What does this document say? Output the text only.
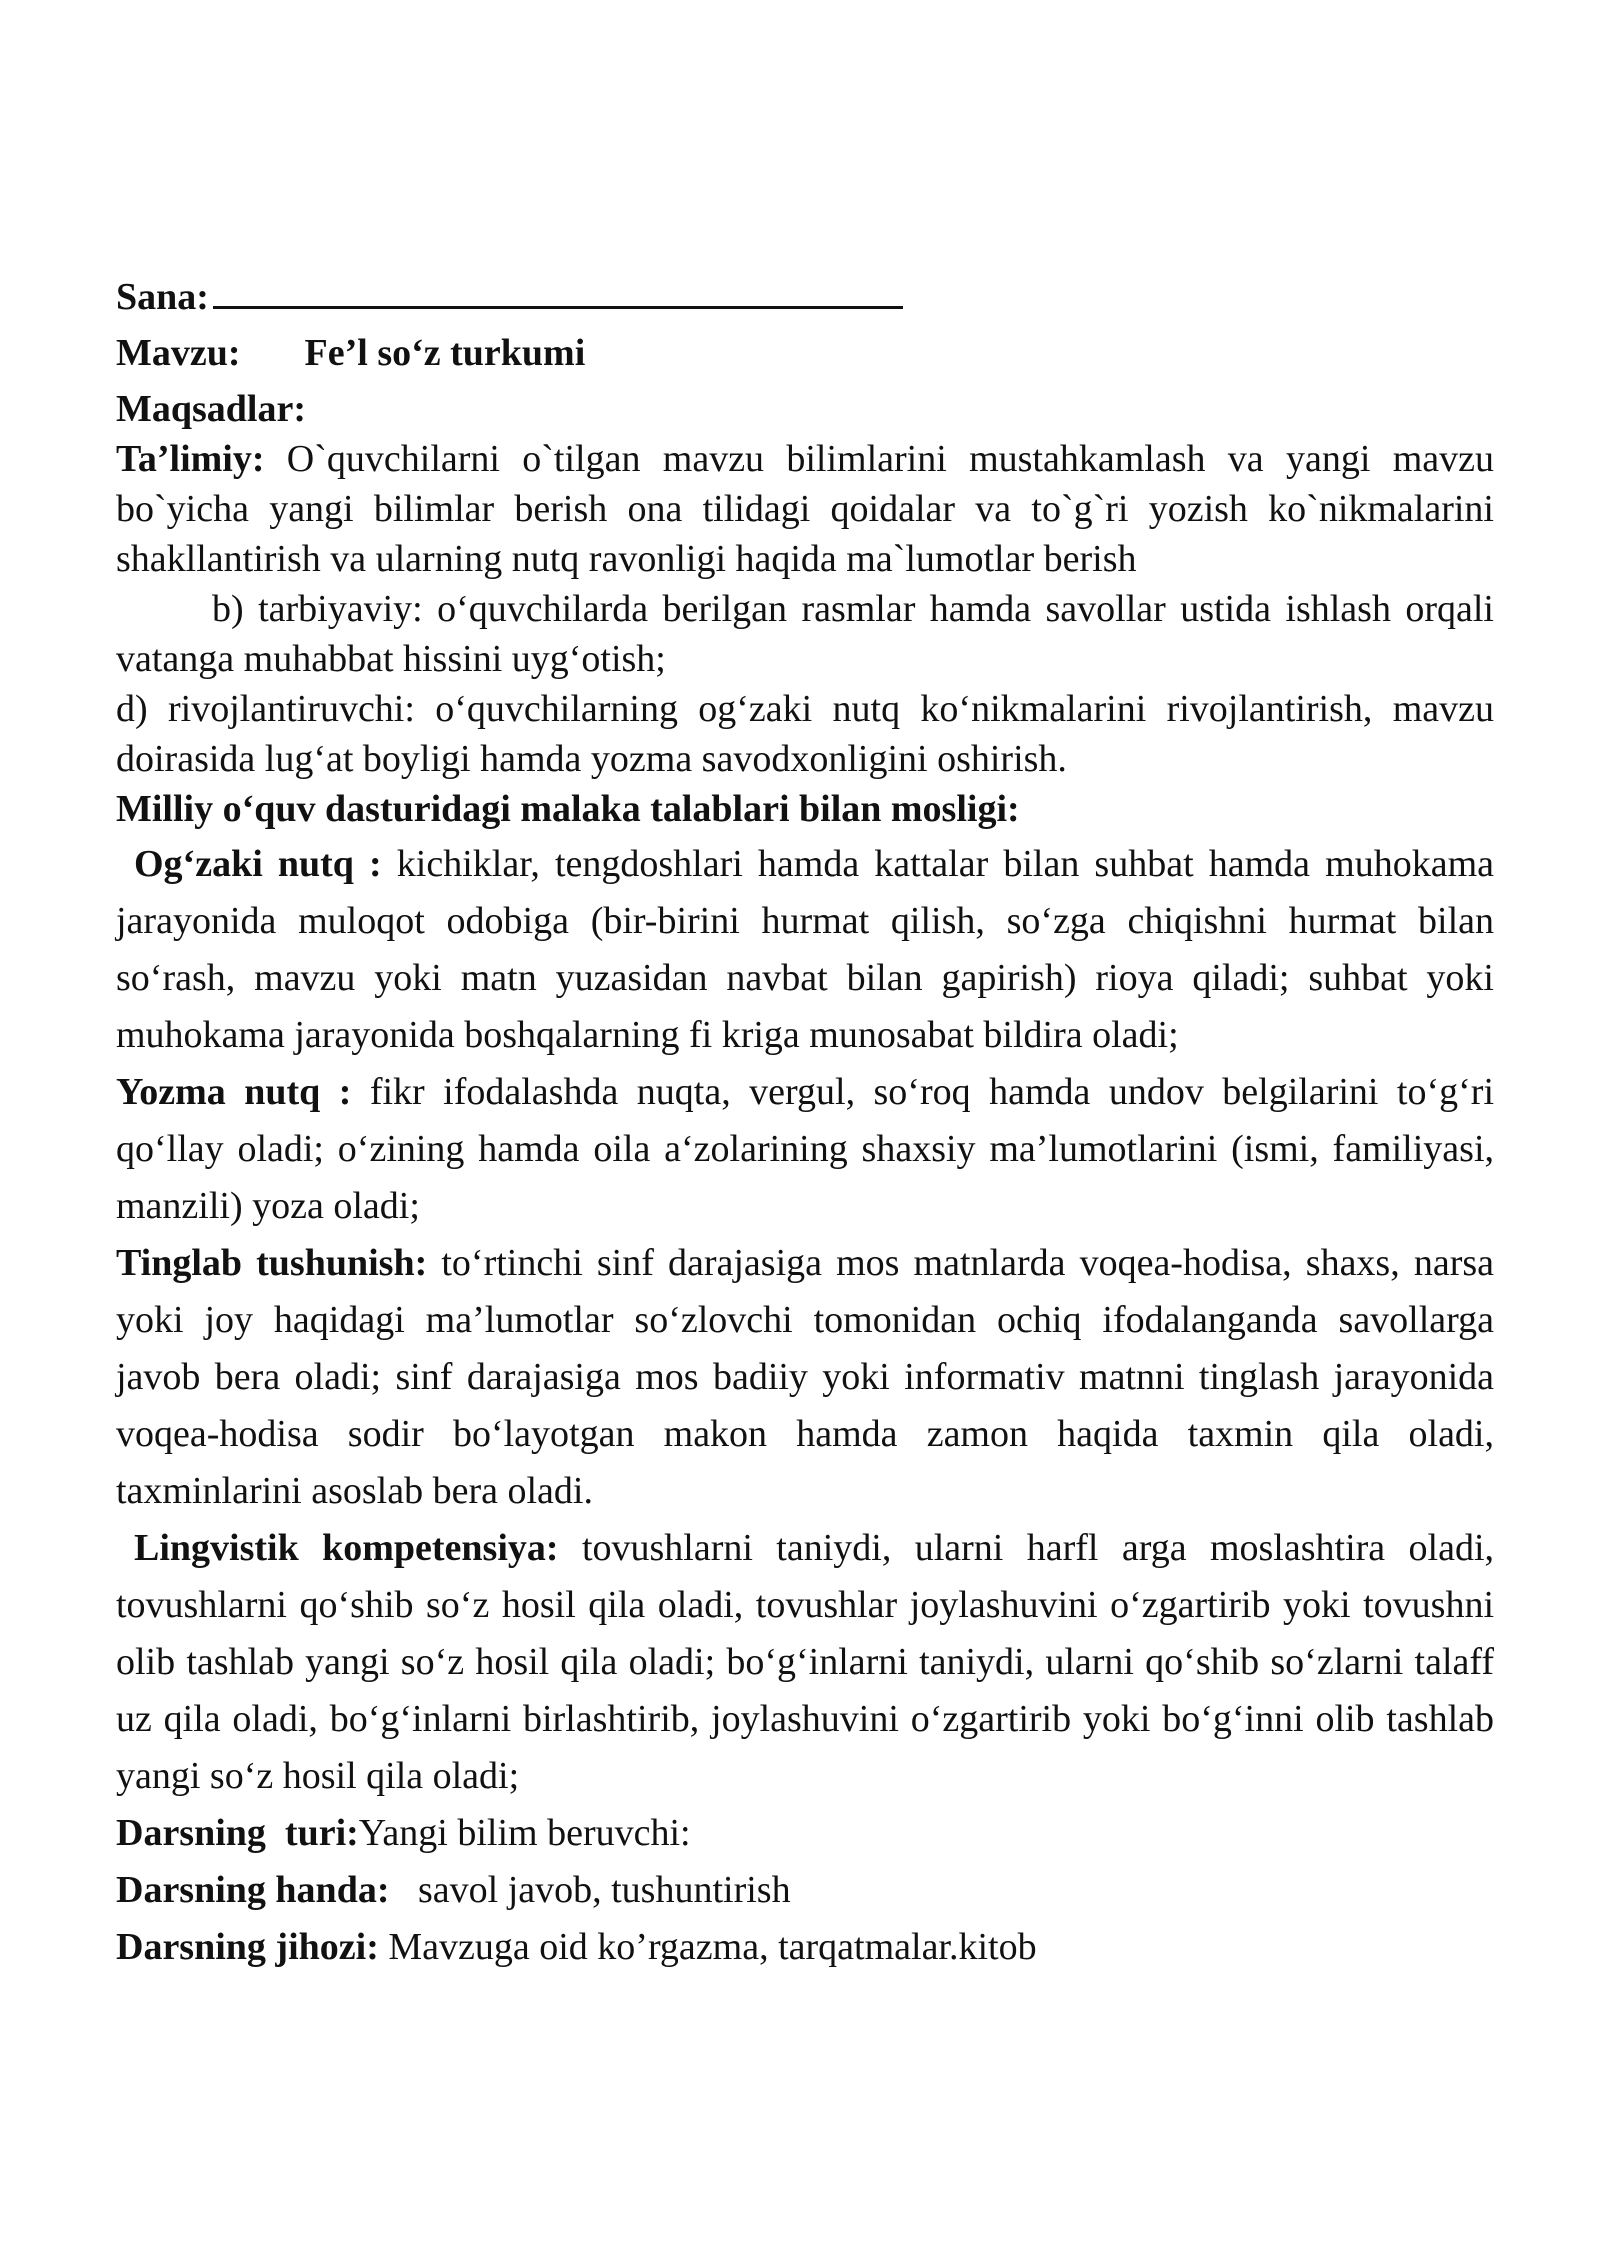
Sana:

Mavzu: Fe’l so‘z turkumi

Maqsadlar:

Ta’limiy: O`quvchilarni o`tilgan mavzu bilimlarini mustahkamlash va yangi mavzu bo`yicha yangi bilimlar berish ona tilidagi qoidalar va to`g`ri yozish ko`nikmalarini shakllantirish va ularning nutq ravonligi haqida ma`lumotlar berish

b) tarbiyaviy: o‘quvchilarda berilgan rasmlar hamda savollar ustida ishlash orqali vatanga muhabbat hissini uyg‘otish;

d) rivojlantiruvchi: o‘quvchilarning og‘zaki nutq ko‘nikmalarini rivojlantirish, mavzu doirasida lug‘at boyligi hamda yozma savodxonligini oshirish.

Milliy o‘quv dasturidagi malaka talablari bilan mosligi:

Og‘zaki nutq : kichiklar, tengdoshlari hamda kattalar bilan suhbat hamda muhokama jarayonida muloqot odobiga (bir-birini hurmat qilish, so‘zga chiqishni hurmat bilan so‘rash, mavzu yoki matn yuzasidan navbat bilan gapirish) rioya qiladi; suhbat yoki muhokama jarayonida boshqalarning fi kriga munosabat bildira oladi;

Yozma nutq : fikr ifodalashda nuqta, vergul, so‘roq hamda undov belgilarini to‘g‘ri qo‘llay oladi; o‘zining hamda oila a‘zolarining shaxsiy ma’lumotlarini (ismi, familiyasi, manzili) yoza oladi;

Tinglab tushunish: to‘rtinchi sinf darajasiga mos matnlarda voqea-hodisa, shaxs, narsa yoki joy haqidagi ma’lumotlar so‘zlovchi tomonidan ochiq ifodalanganda savollarga javob bera oladi; sinf darajasiga mos badiiy yoki informativ matnni tinglash jarayonida voqea-hodisa sodir bo‘layotgan makon hamda zamon haqida taxmin qila oladi, taxminlarini asoslab bera oladi.

Lingvistik kompetensiya: tovushlarni taniydi, ularni harfl arga moslashtira oladi, tovushlarni qo‘shib so‘z hosil qila oladi, tovushlar joylashuvini o‘zgartirib yoki tovushni olib tashlab yangi so‘z hosil qila oladi; bo‘g‘inlarni taniydi, ularni qo‘shib so‘zlarni talaff uz qila oladi, bo‘g‘inlarni birlashtirib, joylashuvini o‘zgartirib yoki bo‘g‘inni olib tashlab yangi so‘z hosil qila oladi;

Darsning  turi:Yangi bilim beruvchi:

Darsning handa:   savol javob, tushuntirish

Darsning jihozi: Mavzuga oid ko’rgazma, tarqatmalar.kitob
